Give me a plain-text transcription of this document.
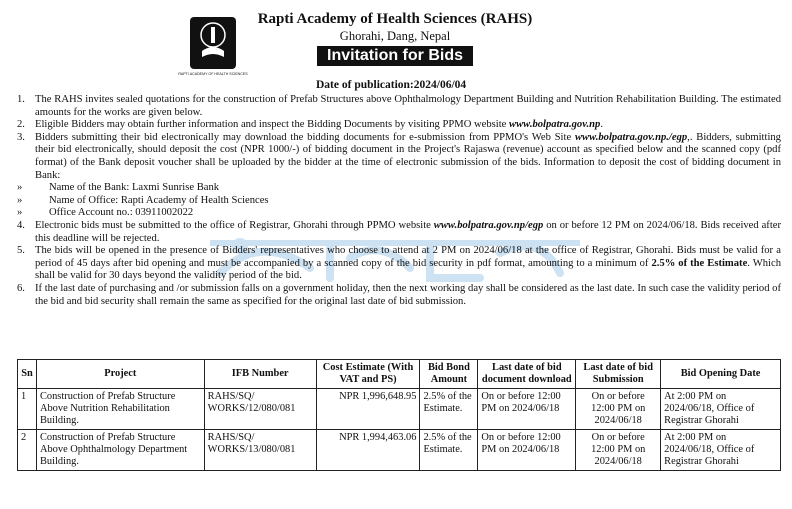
RAPTI ACADEMY OF HEALTH SCIENCES
Rapti Academy of Health Sciences (RAHS)
Ghorahi, Dang, Nepal
Invitation for Bids
Date of publication:2024/06/04
1. The RAHS invites sealed quotations for the construction of Prefab Structures above Ophthalmology Department Building and Nutrition Rehabilitation Building. The estimated amounts for the works are given below.
2. Eligible Bidders may obtain further information and inspect the Bidding Documents by visiting PPMO website www.bolpatra.gov.np.
3. Bidders submitting their bid electronically may download the bidding documents for e-submission from PPMO's Web Site www.bolpatra.gov.np./egp,. Bidders, submitting their bid electronically, should deposit the cost (NPR 1000/-) of bidding document in the Project's Rajaswa (revenue) account as specified below and the scanned copy (pdf format) of the Bank deposit voucher shall be uploaded by the bidder at the time of electronic submission of the bids. Information to deposit the cost of bidding document in Bank:
»	Name of the Bank: Laxmi Sunrise Bank
»	Name of Office: Rapti Academy of Health Sciences
»	Office Account no.: 03911002022
4. Electronic bids must be submitted to the office of Registrar, Ghorahi through PPMO website www.bolpatra.gov.np/egp on or before 12 PM on 2024/06/18. Bids received after this deadline will be rejected.
5. The bids will be opened in the presence of Bidders' representatives who choose to attend at 2 PM on 2024/06/18 at the office of Registrar, Ghorahi. Bids must be valid for a period of 45 days after bid opening and must be accompanied by a scanned copy of the bid security in pdf format, amounting to a minimum of 2.5% of the Estimate. Which shall be valid for 30 days beyond the validity period of the bid.
6. If the last date of purchasing and /or submission falls on a government holiday, then the next working day shall be considered as the last date. In such case the validity period of the bid and bid security shall remain the same as specified for the original last date of bid submission.
Sn	Project	IFB Number	Cost Estimate (With VAT and PS)	Bid Bond Amount	Last date of bid document download	Last date of bid Submission	Bid Opening Date
1	Construction of Prefab Structure Above Nutrition Rehabilitation Building.	RAHS/SQ/ WORKS/12/080/081	NPR 1,996,648.95	2.5% of the Estimate.	On or before 12:00 PM on 2024/06/18	On or before 12:00 PM on 2024/06/18	At 2:00 PM on 2024/06/18, Office of Registrar Ghorahi
2	Construction of Prefab Structure Above Ophthalmology Department Building.	RAHS/SQ/ WORKS/13/080/081	NPR 1,994,463.06	2.5% of the Estimate.	On or before 12:00 PM on 2024/06/18	On or before 12:00 PM on 2024/06/18	At 2:00 PM on 2024/06/18, Office of Registrar Ghorahi
